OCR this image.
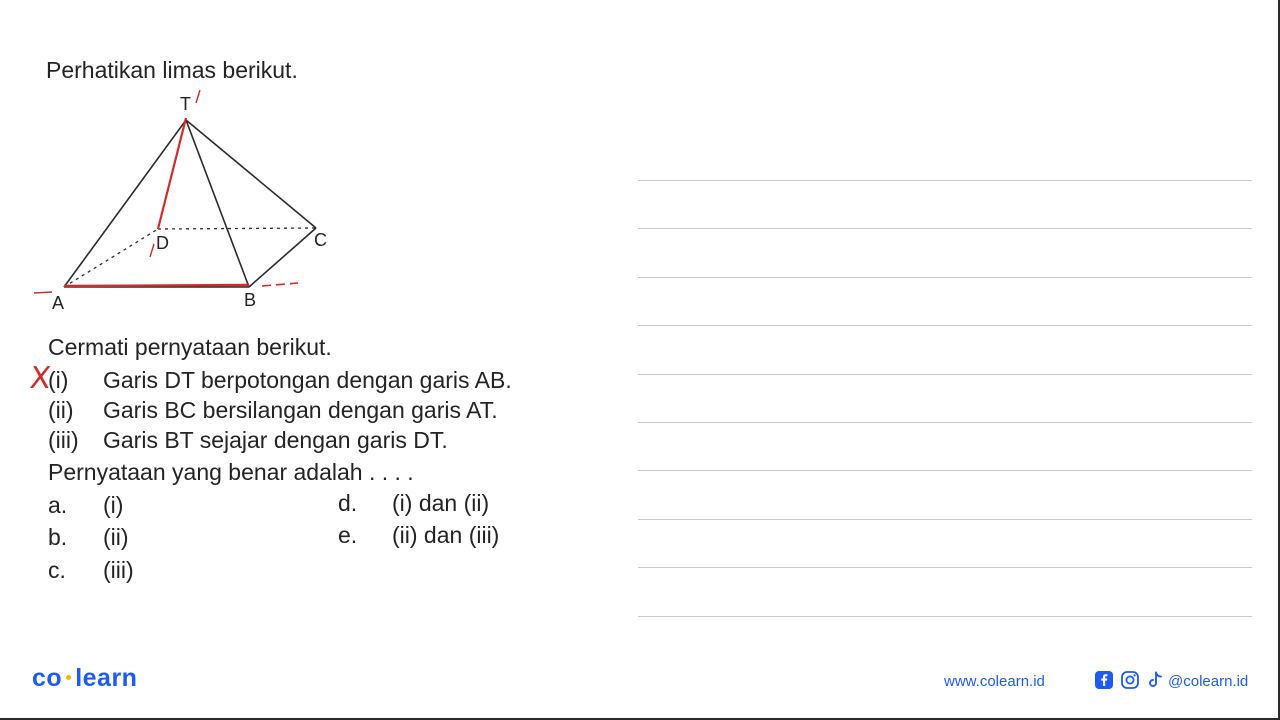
Perhatikan limas berikut.
T
D	C
A	B
Cermati pernyataan berikut.
X
(i) Garis DT berpotongan dengan garis AB.
(ii) Garis BC bersilangan dengan garis AT.
(iii) Garis BT sejajar dengan garis DT.
Pernyataan yang benar adalah . . . .
a. (i)
b. (ii)
c. (iii)
d. (i) dan (ii)
e. (ii) dan (iii)
co learn	www.colearn.id	@colearn.id
